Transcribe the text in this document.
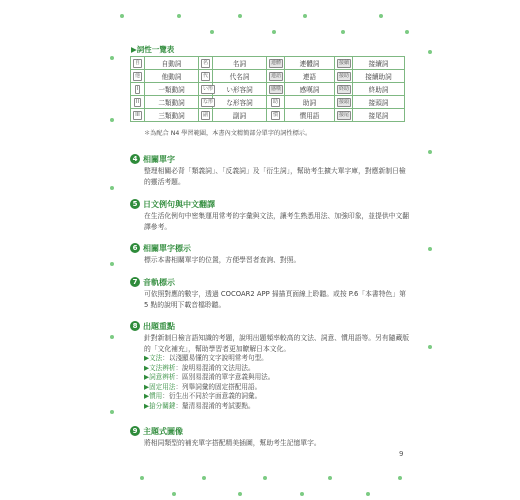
▶詞性一覽表
自	自動詞	名	名詞	連體	連體詞	接續	接續詞
他	他動詞	代	代名詞	連語	連語	接助	接續助詞
I	一類動詞	い形	い形容詞	感嘆	感嘆詞	終助	終助詞
II	二類動詞	な形	な形容詞	助	助詞	接頭	接頭詞
III	三類動詞	副	副詞	慣	慣用語	接尾	接尾詞
＊為配合 N4 學習範圍，本書內文精簡部分單字的詞性標示。
4 相關單字
整理相關必背「類義詞」、「反義詞」及「衍生詞」，幫助考生擴大單字庫，對應新制日檢的靈活考題。
5 日文例句與中文翻譯
在生活化例句中密集運用常考的字彙與文法，讓考生熟悉用法、加強印象，並提供中文翻譯參考。
6 相關單字標示
標示本書相關單字的位置，方便學習者查詢、對照。
7 音軌標示
可依照對應的數字，透過 COCOAR2 APP 掃描頁面線上聆聽。或按 P.6「本書特色」第 5 點的說明下載音檔聆聽。
8 出題重點
針對新制日檢言語知識的考題，說明出題頻率較高的文法、詞意、慣用語等。另有隨藏版的「文化補充」，幫助學習者更加瞭解日本文化。
▶文法：以淺顯易懂的文字說明常考句型。
▶文法辨析：說明易混淆的文法用法。
▶詞意辨析：區別易混淆的單字意義與用法。
▶固定用法：列舉詞彙的固定搭配用語。
▶慣用：衍生出不同於字面意義的詞彙。
▶搶分關鍵：釐清易混淆的考試要點。
9 主題式圖像
將相同類型的補充單字搭配精美插圖，幫助考生記憶單字。
9
